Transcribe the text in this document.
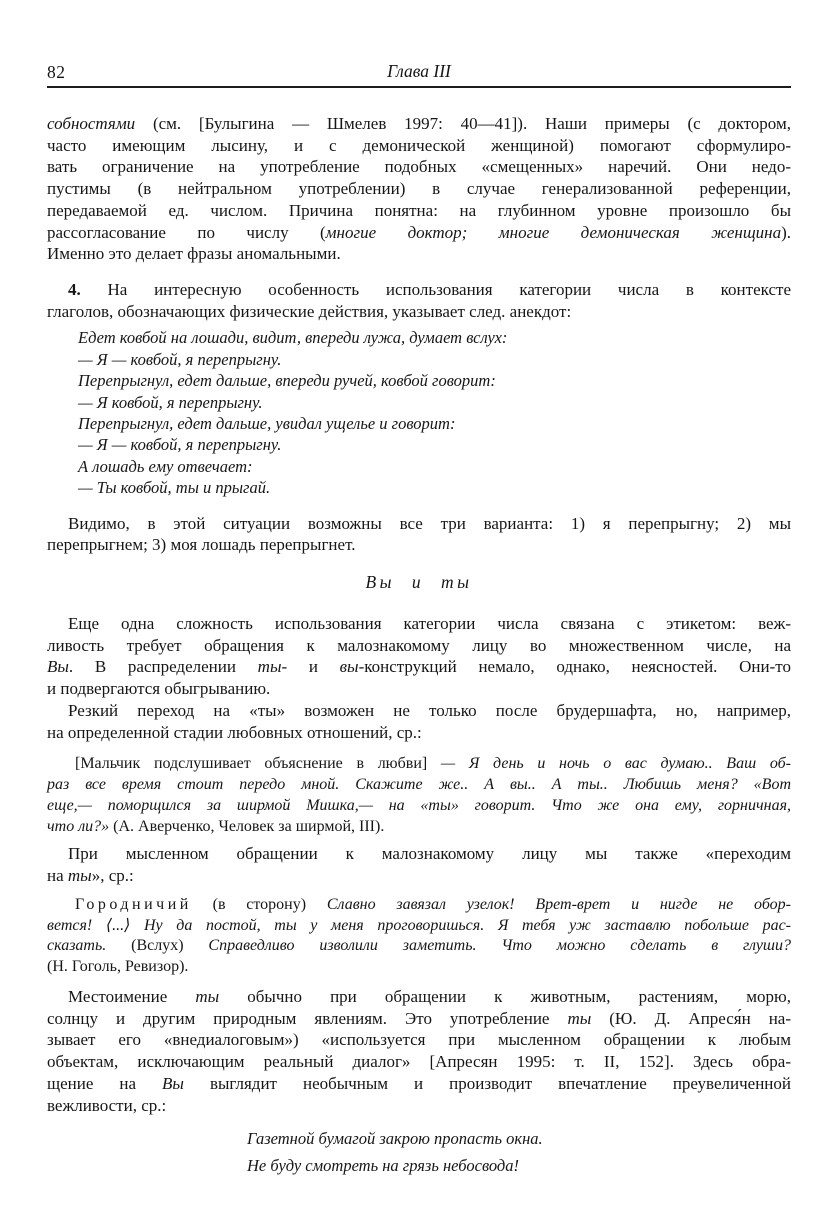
82	Глава III
собностями (см. [Булыгина — Шмелев 1997: 40—41]). Наши примеры (с доктором,
часто имеющим лысину, и с демонической женщиной) помогают сформулиро-
вать ограничение на употребление подобных «смещенных» наречий. Они недо-
пустимы (в нейтральном употреблении) в случае генерализованной референции,
передаваемой ед. числом. Причина понятна: на глубинном уровне произошло бы
рассогласование по числу (многие доктор; многие демоническая женщина).
Именно это делает фразы аномальными.
4. На интересную особенность использования категории числа в контексте
глаголов, обозначающих физические действия, указывает след. анекдот:
Едет ковбой на лошади, видит, впереди лужа, думает вслух:
— Я — ковбой, я перепрыгну.
Перепрыгнул, едет дальше, впереди ручей, ковбой говорит:
— Я ковбой, я перепрыгну.
Перепрыгнул, едет дальше, увидал ущелье и говорит:
— Я — ковбой, я перепрыгну.
А лошадь ему отвечает:
— Ты ковбой, ты и прыгай.
Видимо, в этой ситуации возможны все три варианта: 1) я перепрыгну; 2) мы
перепрыгнем; 3) моя лошадь перепрыгнет.
Вы и ты
Еще одна сложность использования категории числа связана с этикетом: веж-
ливость требует обращения к малознакомому лицу во множественном числе, на
Вы. В распределении ты- и вы-конструкций немало, однако, неясностей. Они-то
и подвергаются обыгрыванию.
Резкий переход на «ты» возможен не только после брудершафта, но, например,
на определенной стадии любовных отношений, ср.:
[Мальчик подслушивает объяснение в любви] — Я день и ночь о вас думаю.. Ваш об-
раз все время стоит передо мной. Скажите же.. А вы.. А ты.. Любишь меня? «Вот
еще,— поморщился за ширмой Мишка,— на «ты» говорит. Что же она ему, горничная,
что ли?» (А. Аверченко, Человек за ширмой, III).
При мысленном обращении к малознакомому лицу мы также «переходим
на ты», ср.:
Городничий (в сторону) Славно завязал узелок! Врет-врет и нигде не обор-
вется! ⟨...⟩ Ну да постой, ты у меня проговоришься. Я тебя уж заставлю побольше рас-
сказать. (Вслух) Справедливо изволили заметить. Что можно сделать в глуши?
(Н. Гоголь, Ревизор).
Местоимение ты обычно при обращении к животным, растениям, морю,
солнцу и другим природным явлениям. Это употребление ты (Ю. Д. Апреся́н на-
зывает его «внедиалоговым») «используется при мысленном обращении к любым
объектам, исключающим реальный диалог» [Апресян 1995: т. II, 152]. Здесь обра-
щение на Вы выглядит необычным и производит впечатление преувеличенной
вежливости, ср.:
Газетной бумагой закрою пропасть окна.
Не буду смотреть на грязь небосвода!
